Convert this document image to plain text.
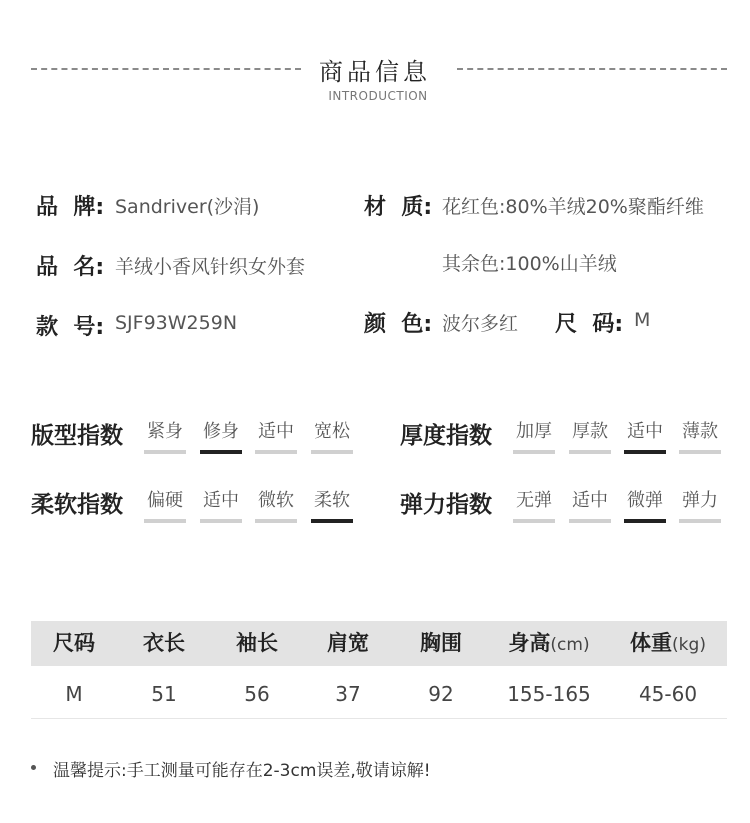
商品信息
INTRODUCTION
品  牌: Sandriver(沙涓)
品  名: 羊绒小香风针织女外套
款  号: SJF93W259N
材  质: 花红色:80%羊绒20%聚酯纤维
其余色:100%山羊绒
颜  色: 波尔多红 尺  码: M
版型指数 紧身 修身 适中 宽松 厚度指数 加厚 厚款 适中 薄款
柔软指数 偏硬 适中 微软 柔软 弹力指数 无弹 适中 微弹 弹力
尺码	衣长	袖长	肩宽	胸围	身高(cm)	体重(kg)
M	51	56	37	92	155-165	45-60
温馨提示:手工测量可能存在2-3cm误差,敬请谅解!
